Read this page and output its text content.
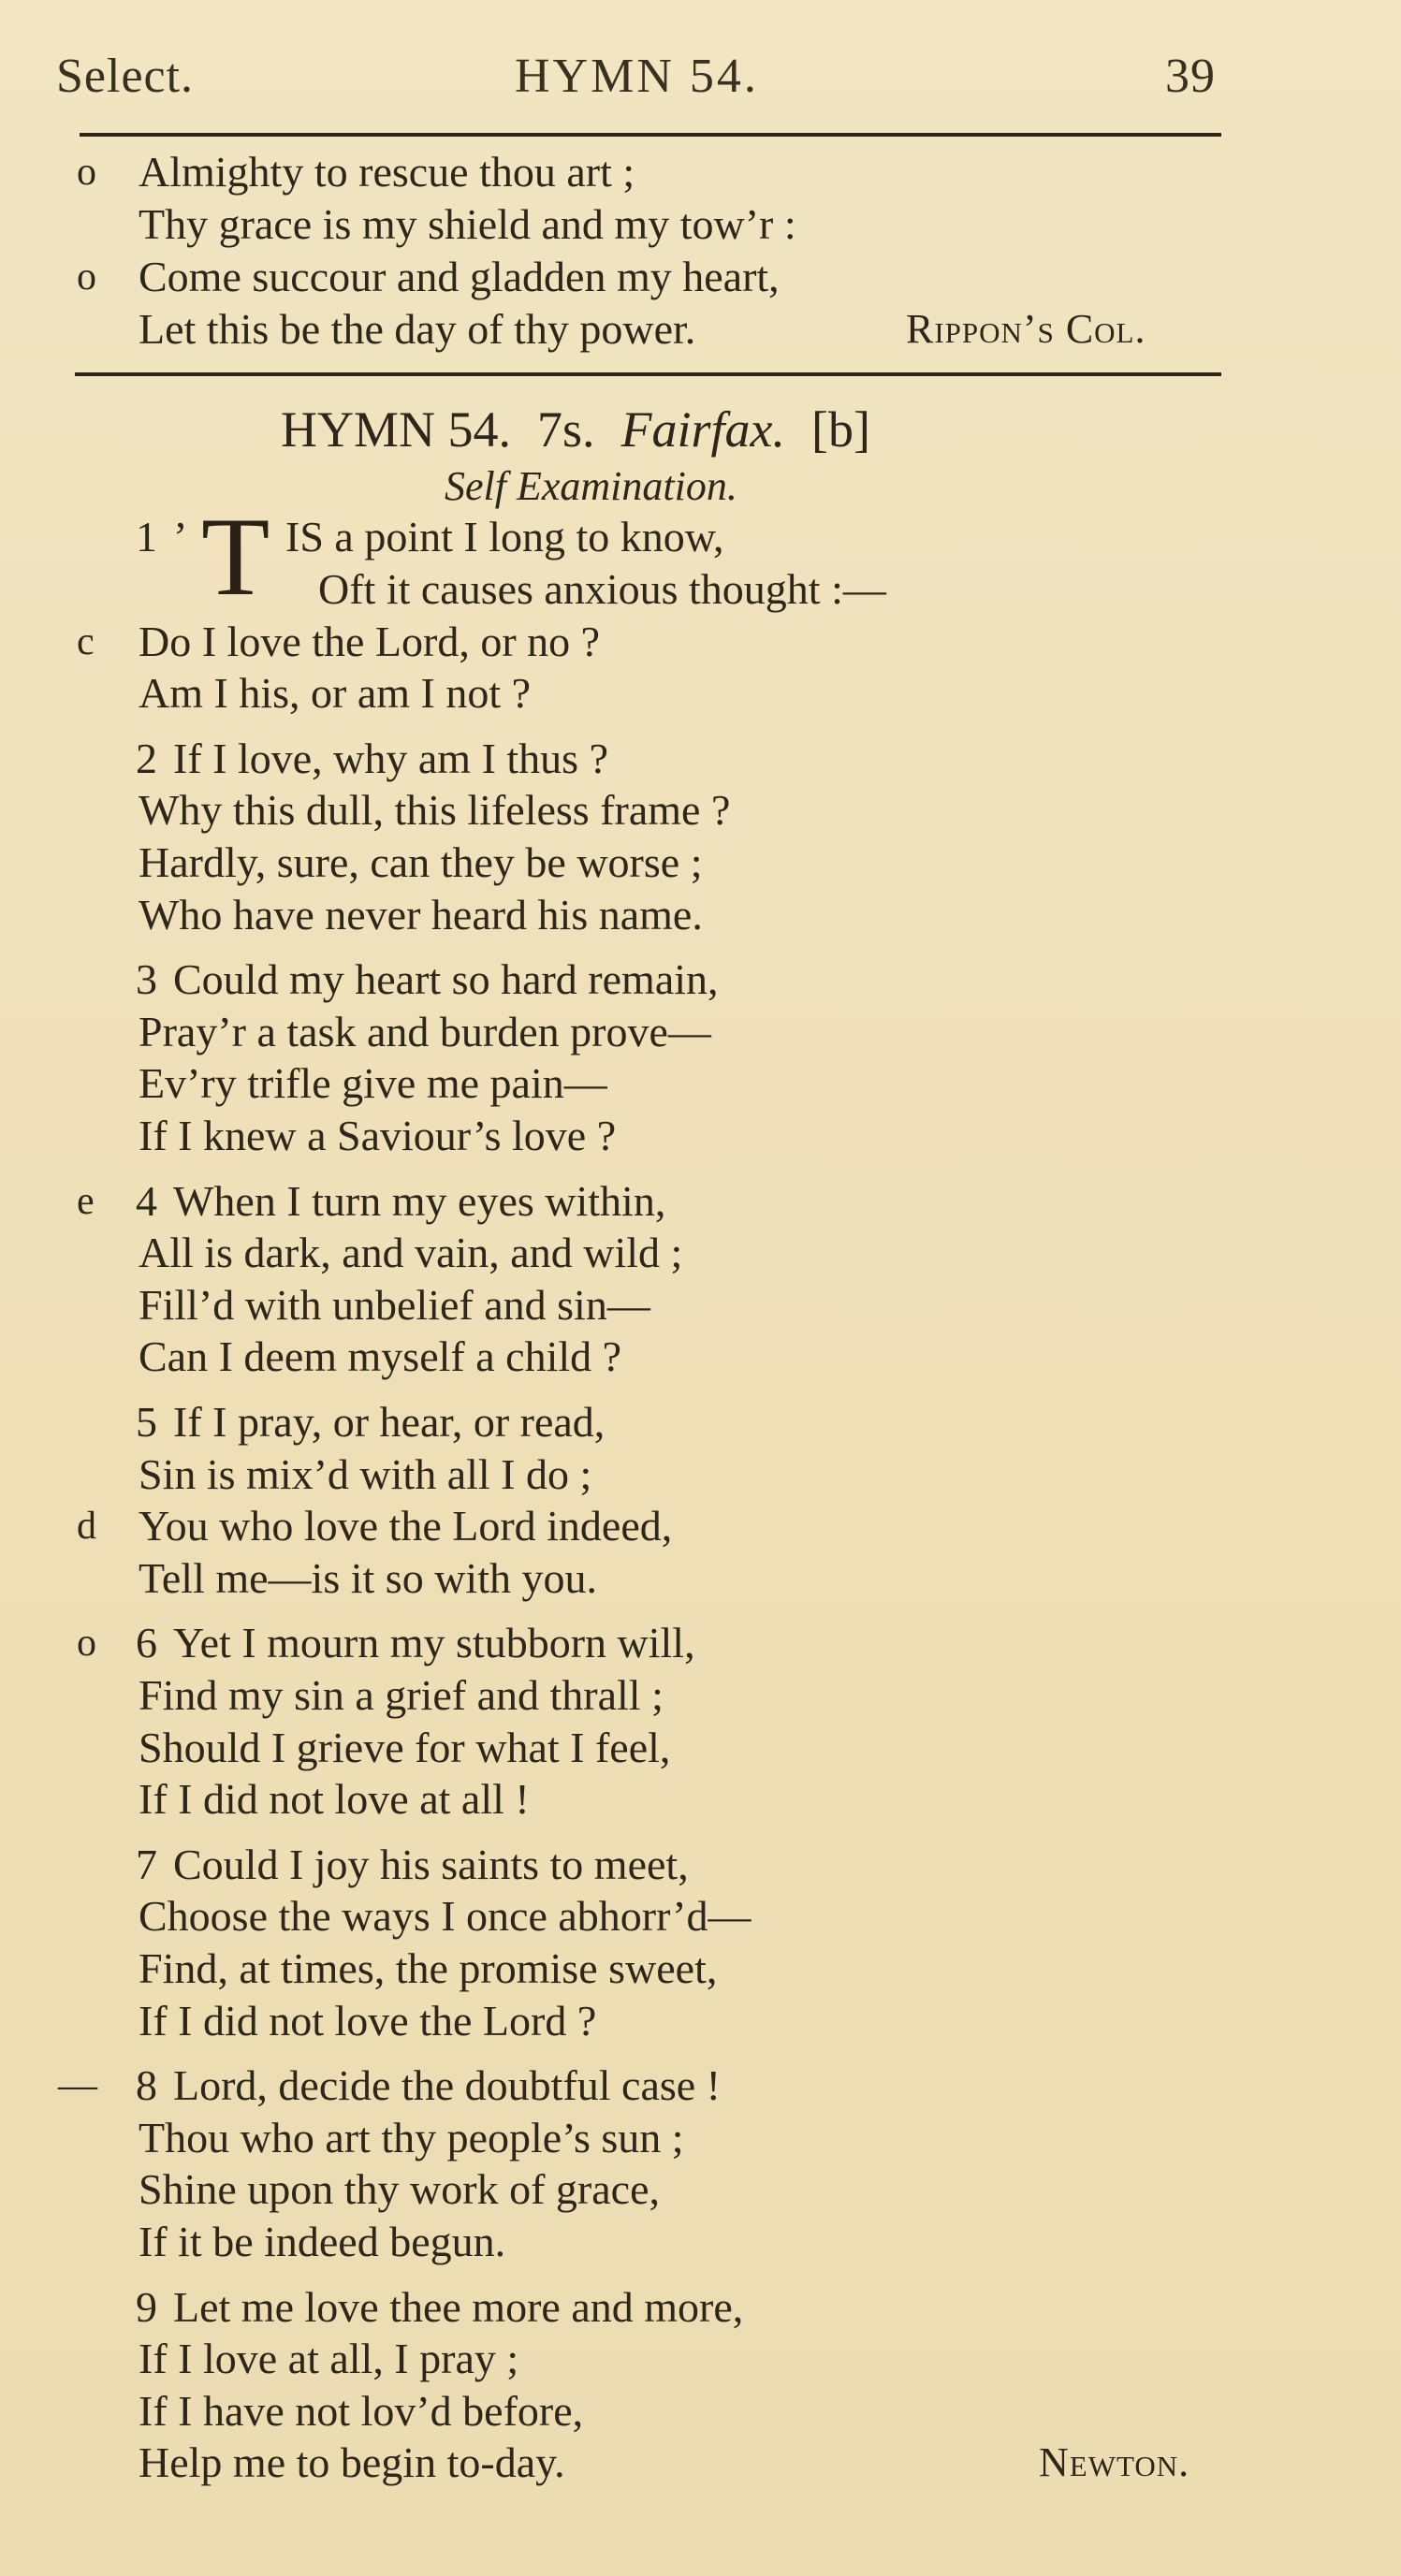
Select.	HYMN 54.	39
o Almighty to rescue thou art ;
Thy grace is my shield and my tow’r :
o Come succour and gladden my heart,
Let this be the day of thy power.	Rippon’s Col.
HYMN 54. 7s. Fairfax. [b]
Self Examination.
1 ’ T IS a point I long to know,
Oft it causes anxious thought :—
c Do I love the Lord, or no ?
Am I his, or am I not ?
2 If I love, why am I thus ?
Why this dull, this lifeless frame ?
Hardly, sure, can they be worse ;
Who have never heard his name.
3 Could my heart so hard remain,
Pray’r a task and burden prove—
Ev’ry trifle give me pain—
If I knew a Saviour’s love ?
e 4 When I turn my eyes within,
All is dark, and vain, and wild ;
Fill’d with unbelief and sin—
Can I deem myself a child ?
5 If I pray, or hear, or read,
Sin is mix’d with all I do ;
d You who love the Lord indeed,
Tell me—is it so with you.
o 6 Yet I mourn my stubborn will,
Find my sin a grief and thrall ;
Should I grieve for what I feel,
If I did not love at all !
7 Could I joy his saints to meet,
Choose the ways I once abhorr’d—
Find, at times, the promise sweet,
If I did not love the Lord ?
— 8 Lord, decide the doubtful case !
Thou who art thy people’s sun ;
Shine upon thy work of grace,
If it be indeed begun.
9 Let me love thee more and more,
If I love at all, I pray ;
If I have not lov’d before,
Help me to begin to-day.	Newton.
